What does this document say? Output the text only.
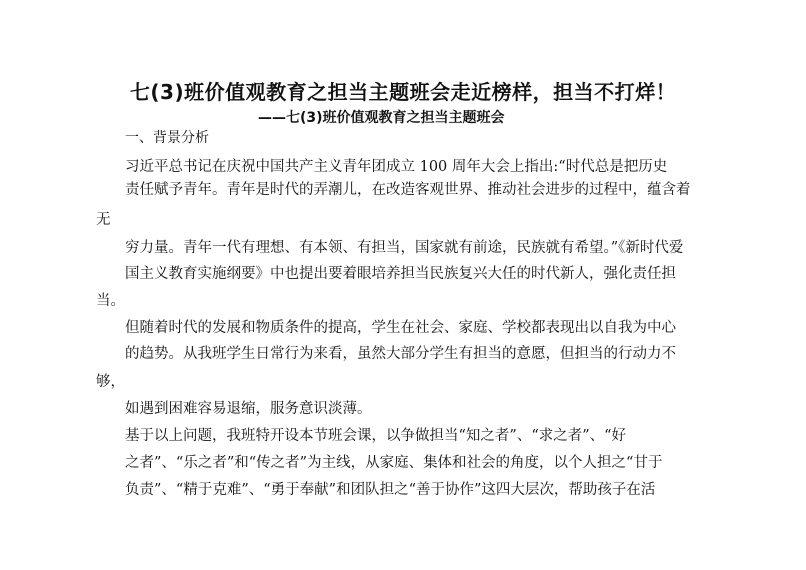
七(3)班价值观教育之担当主题班会走近榜样，担当不打烊！
——七(3)班价值观教育之担当主题班会
一、背景分析
习近平总书记在庆祝中国共产主义青年团成立 100 周年大会上指出:“时代总是把历史
责任赋予青年。青年是时代的弄潮儿，在改造客观世界、推动社会进步的过程中，蕴含着
无
穷力量。青年一代有理想、有本领、有担当，国家就有前途，民族就有希望。”《新时代爱
国主义教育实施纲要》中也提出要着眼培养担当民族复兴大任的时代新人，强化责任担
当。
但随着时代的发展和物质条件的提高，学生在社会、家庭、学校都表现出以自我为中心
的趋势。从我班学生日常行为来看，虽然大部分学生有担当的意愿，但担当的行动力不
够，
如遇到困难容易退缩，服务意识淡薄。
基于以上问题，我班特开设本节班会课，以争做担当“知之者”、“求之者”、“好
之者”、“乐之者”和“传之者”为主线，从家庭、集体和社会的角度，以个人担之“甘于
负责”、“精于克难”、“勇于奉献”和团队担之“善于协作”这四大层次，帮助孩子在活
